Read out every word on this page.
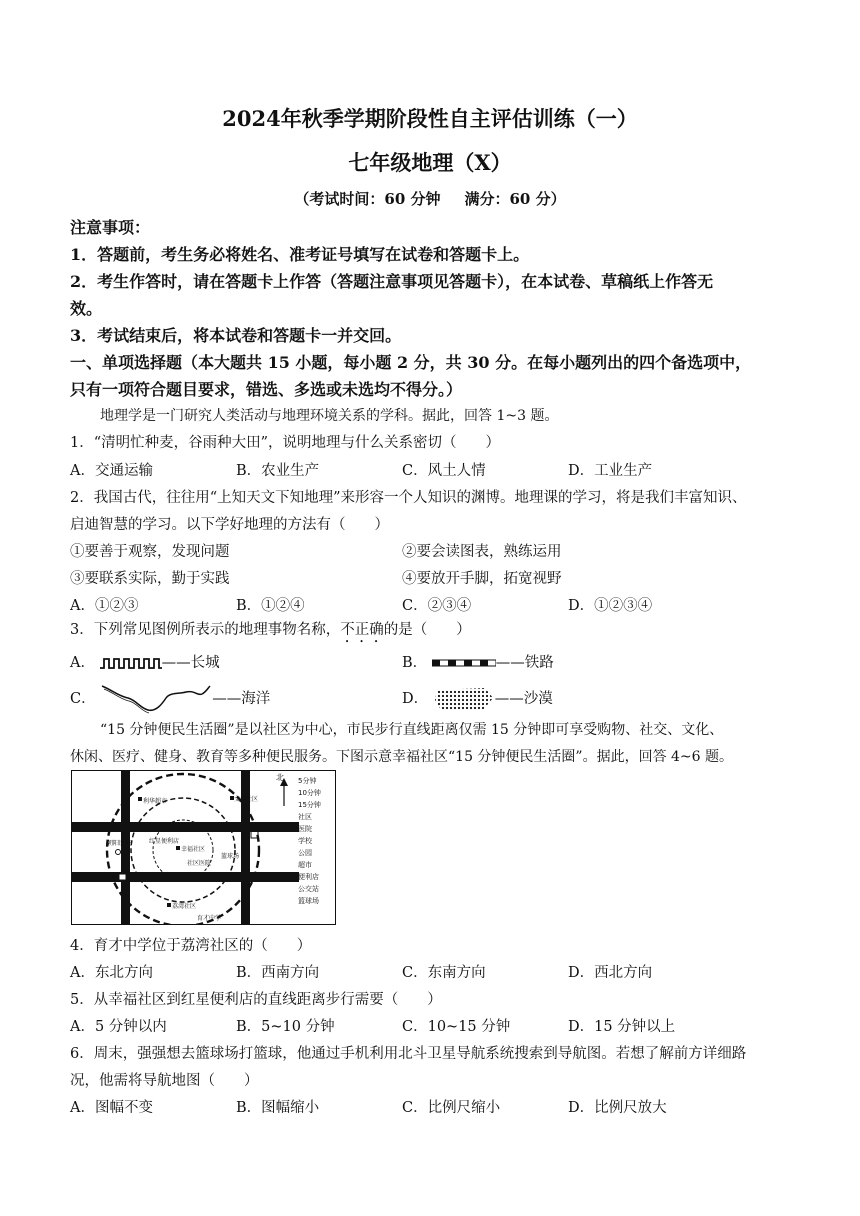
2024年秋季学期阶段性自主评估训练（一）
七年级地理（X）
（考试时间：60 分钟 满分：60 分）
注意事项：
1．答题前，考生务必将姓名、准考证号填写在试卷和答题卡上。
2．考生作答时，请在答题卡上作答（答题注意事项见答题卡），在本试卷、草稿纸上作答无
效。
3．考试结束后，将本试卷和答题卡一并交回。
一、单项选择题（本大题共 15 小题，每小题 2 分，共 30 分。在每小题列出的四个备选项中，
只有一项符合题目要求，错选、多选或未选均不得分。）
地理学是一门研究人类活动与地理环境关系的学科。据此，回答 1~3 题。
1．“清明忙种麦，谷雨种大田”，说明地理与什么关系密切（　　）
A．交通运输	B．农业生产	C．风土人情	D．工业生产
2．我国古代，往往用“上知天文下知地理”来形容一个人知识的渊博。地理课的学习，将是我们丰富知识、
启迪智慧的学习。以下学好地理的方法有（　　）
①要善于观察，发现问题	②要会读图表，熟练运用
③要联系实际，勤于实践	④要放开手脚，拓宽视野
A．①②③	B．①②④	C．②③④	D．①②③④
3．下列常见图例所表示的地理事物名称，不正确的是（　　）
A．	——长城	B．	——铁路
C．	——海洋	D．	——沙漠
“15 分钟便民生活圈”是以社区为中心，市民步行直线距离仅需 15 分钟即可享受购物、社交、文化、
休闲、医疗、健身、教育等多种便民服务。下图示意幸福社区“15 分钟便民生活圈”。据此，回答 4~6 题。
北
利华超市	文华社区
红星便利店
幸福社区
社区医院
朝阳医院
实验小学
荔湾社区
育才中学
篮球场
5分钟
10分钟
15分钟
社区
医院
学校
公园
超市
便利店
公交站
篮球场
4．育才中学位于荔湾社区的（　　）
A．东北方向	B．西南方向	C．东南方向	D．西北方向
5．从幸福社区到红星便利店的直线距离步行需要（　　）
A．5 分钟以内	B．5~10 分钟	C．10~15 分钟	D．15 分钟以上
6．周末，强强想去篮球场打篮球，他通过手机利用北斗卫星导航系统搜索到导航图。若想了解前方详细路
况，他需将导航地图（　　）
A．图幅不变	B．图幅缩小	C．比例尺缩小	D．比例尺放大
